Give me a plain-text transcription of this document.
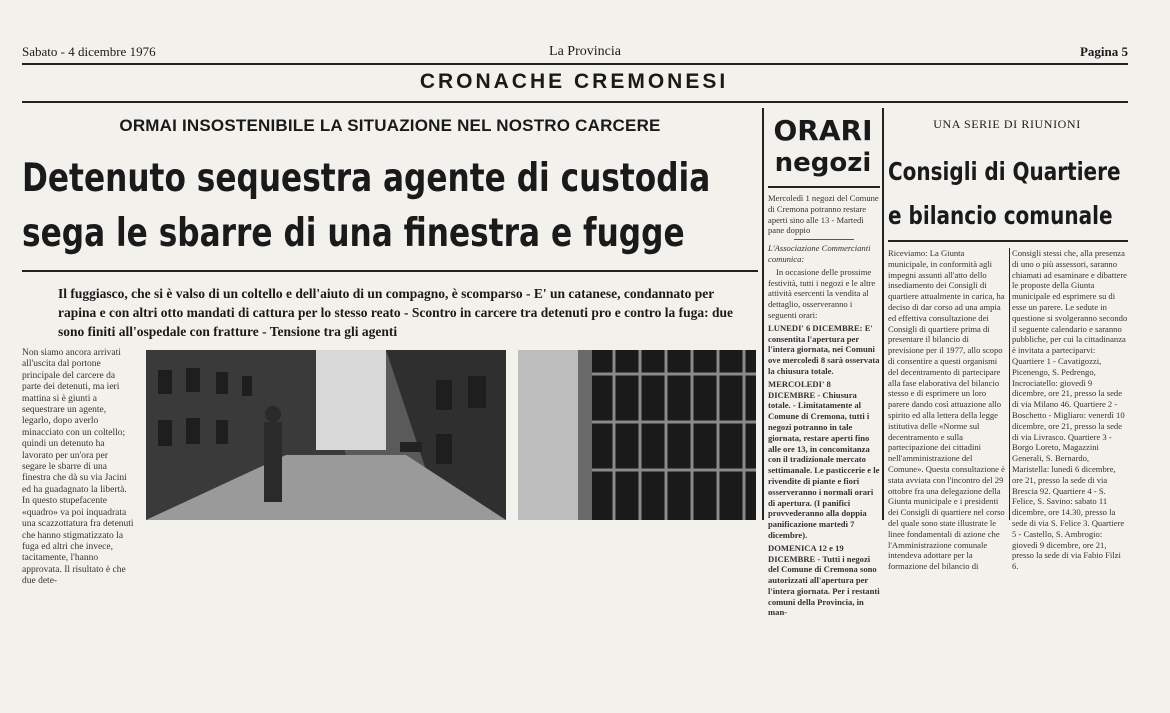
Sabato - 4 dicembre 1976	La Provincia	Pagina 5
CRONACHE CREMONESI
ORMAI INSOSTENIBILE LA SITUAZIONE NEL NOSTRO CARCERE
Detenuto sequestra agente di custodia
sega le sbarre di una finestra e fugge
Il fuggiasco, che si è valso di un coltello e dell'aiuto di un compagno, è scomparso - E' un catanese, condannato per rapina e con altri otto mandati di cattura per lo stesso reato - Scontro in carcere tra detenuti pro e contro la fuga: due sono finiti all'ospedale con fratture - Tensione tra gli agenti
Non siamo ancora arrivati all'uscita dal portone principale del carcere da parte dei detenuti, ma ieri mattina si è giunti a sequestrare un agente, legarlo, dopo averlo minacciato con un coltello; quindi un detenuto ha lavorato per un'ora per segare le sbarre di una finestra che dà su via Jacini ed ha guadagnato la libertà. In questo stupefacente «quadro» va poi inquadrata una scazzottatura fra detenuti che hanno stigmatizzato la fuga ed altri che invece, tacitamente, l'hanno approvata. Il risultato è che due dete-
ORARI
negozi
Mercoledì 1 negozi del Comune di Cremona potranno restare aperti sino alle 13 - Martedì pane doppio
L'Associazione Commercianti comunica:
In occasione delle prossime festività, tutti i negozi e le altre attività esercenti la vendita al dettaglio, osserveranno i seguenti orari:
LUNEDI' 6 DICEMBRE: E' consentita l'apertura per l'intera giornata, nei Comuni ove mercoledì 8 sarà osservata la chiusura totale.
MERCOLEDI' 8 DICEMBRE - Chiusura totale. - Limitatamente al Comune di Cremona, tutti i negozi potranno in tale giornata, restare aperti fino alle ore 13, in concomitanza con il tradizionale mercato settimanale. Le pasticcerie e le rivendite di piante e fiori osserveranno i normali orari di apertura. (I panifici provvederanno alla doppia panificazione martedì 7 dicembre).
DOMENICA 12 e 19 DICEMBRE - Tutti i negozi del Comune di Cremona sono autorizzati all'apertura per l'intera giornata. Per i restanti comuni della Provincia, in man-
UNA SERIE DI RIUNIONI
Consigli di Quartiere
e bilancio comunale
Riceviamo: La Giunta municipale, in conformità agli impegni assunti all'atto dello insediamento dei Consigli di quartiere attualmente in carica, ha deciso di dar corso ad una ampia ed effettiva consultazione dei Consigli di quartiere prima di presentare il bilancio di previsione per il 1977, allo scopo di consentire a questi organismi del decentramento di partecipare alla fase elaborativa del bilancio stesso e di esprimere un loro parere dando così attuazione allo spirito ed alla lettera della legge istitutiva delle «Norme sul decentramento e sulla partecipazione dei cittadini nell'amministrazione del Comune». Questa consultazione è stata avviata con l'incontro del 29 ottobre fra una delegazione della Giunta municipale e i presidenti dei Consigli di quartiere nel corso del quale sono state illustrate le linee fondamentali di azione che l'Amministrazione comunale intendeva adottare per la formazione del bilancio di
Consigli stessi che, alla presenza di uno o più assessori, saranno chiamati ad esaminare e dibattere le proposte della Giunta municipale ed esprimere su di esse un parere. Le sedute in questione si svolgeranno secondo il seguente calendario e saranno pubbliche, per cui la cittadinanza è invitata a parteciparvi: Quartiere 1 - Cavatigozzi, Picenengo, S. Pedrengo, Incrociatello: giovedì 9 dicembre, ore 21, presso la sede di via Milano 46. Quartiere 2 - Boschetto - Migliaro: venerdì 10 dicembre, ore 21, presso la sede di via Livrasco. Quartiere 3 - Borgo Loreto, Magazzini Generali, S. Bernardo, Maristella: lunedì 6 dicembre, ore 21, presso la sede di via Brescia 92. Quartiere 4 - S. Felice, S. Savino: sabato 11 dicembre, ore 14.30, presso la sede di via S. Felice 3. Quartiere 5 - Castello, S. Ambrogio: giovedì 9 dicembre, ore 21, presso la sede di via Fabio Filzi 6.
